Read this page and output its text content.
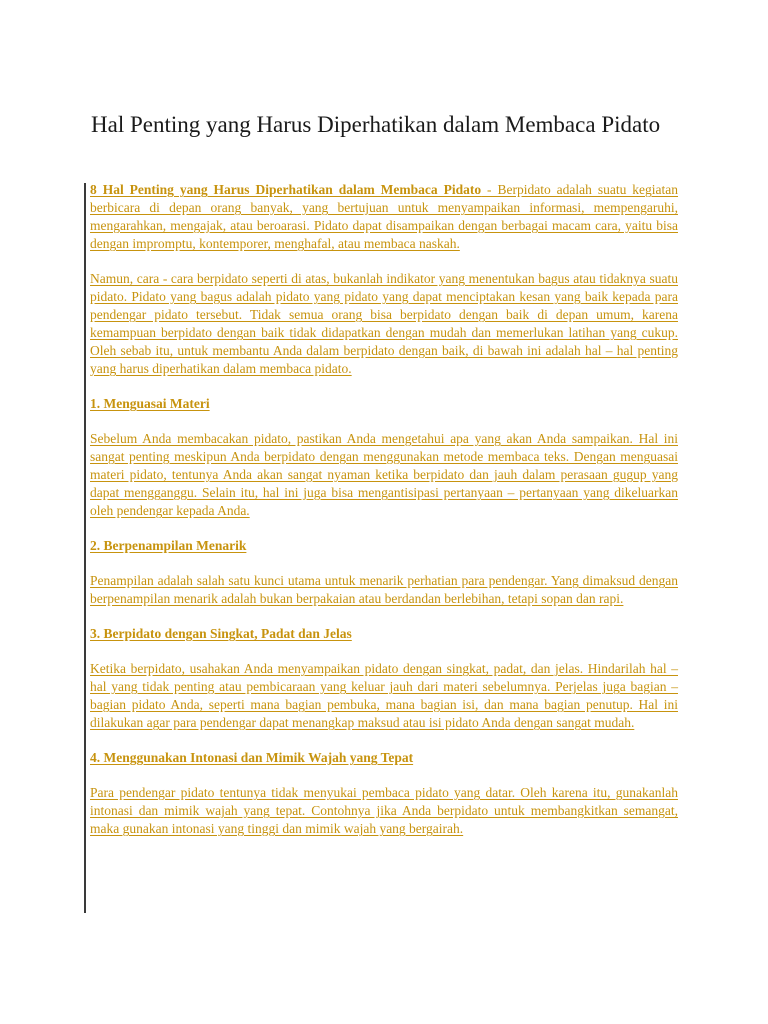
Hal Penting yang Harus Diperhatikan dalam Membaca Pidato

8 Hal Penting yang Harus Diperhatikan dalam Membaca Pidato - Berpidato adalah suatu kegiatan berbicara di depan orang banyak, yang bertujuan untuk menyampaikan informasi, mempengaruhi, mengarahkan, mengajak, atau beroarasi. Pidato dapat disampaikan dengan berbagai macam cara, yaitu bisa dengan impromptu, kontemporer, menghafal, atau membaca naskah.

Namun, cara - cara berpidato seperti di atas, bukanlah indikator yang menentukan bagus atau tidaknya suatu pidato. Pidato yang bagus adalah pidato yang pidato yang dapat menciptakan kesan yang baik kepada para pendengar pidato tersebut. Tidak semua orang bisa berpidato dengan baik di depan umum, karena kemampuan berpidato dengan baik tidak didapatkan dengan mudah dan memerlukan latihan yang cukup. Oleh sebab itu, untuk membantu Anda dalam berpidato dengan baik, di bawah ini adalah hal – hal penting yang harus diperhatikan dalam membaca pidato.

1. Menguasai Materi

Sebelum Anda membacakan pidato, pastikan Anda mengetahui apa yang akan Anda sampaikan. Hal ini sangat penting meskipun Anda berpidato dengan menggunakan metode membaca teks. Dengan menguasai materi pidato, tentunya Anda akan sangat nyaman ketika berpidato dan jauh dalam perasaan gugup yang dapat mengganggu. Selain itu, hal ini juga bisa mengantisipasi pertanyaan – pertanyaan yang dikeluarkan oleh pendengar kepada Anda.

2. Berpenampilan Menarik

Penampilan adalah salah satu kunci utama untuk menarik perhatian para pendengar. Yang dimaksud dengan berpenampilan menarik adalah bukan berpakaian atau berdandan berlebihan, tetapi sopan dan rapi.

3. Berpidato dengan Singkat, Padat dan Jelas

Ketika berpidato, usahakan Anda menyampaikan pidato dengan singkat, padat, dan jelas. Hindarilah hal – hal yang tidak penting atau pembicaraan yang keluar jauh dari materi sebelumnya. Perjelas juga bagian – bagian pidato Anda, seperti mana bagian pembuka, mana bagian isi, dan mana bagian penutup. Hal ini dilakukan agar para pendengar dapat menangkap maksud atau isi pidato Anda dengan sangat mudah.

4. Menggunakan Intonasi dan Mimik Wajah yang Tepat

Para pendengar pidato tentunya tidak menyukai pembaca pidato yang datar. Oleh karena itu, gunakanlah intonasi dan mimik wajah yang tepat. Contohnya jika Anda berpidato untuk membangkitkan semangat, maka gunakan intonasi yang tinggi dan mimik wajah yang bergairah.
